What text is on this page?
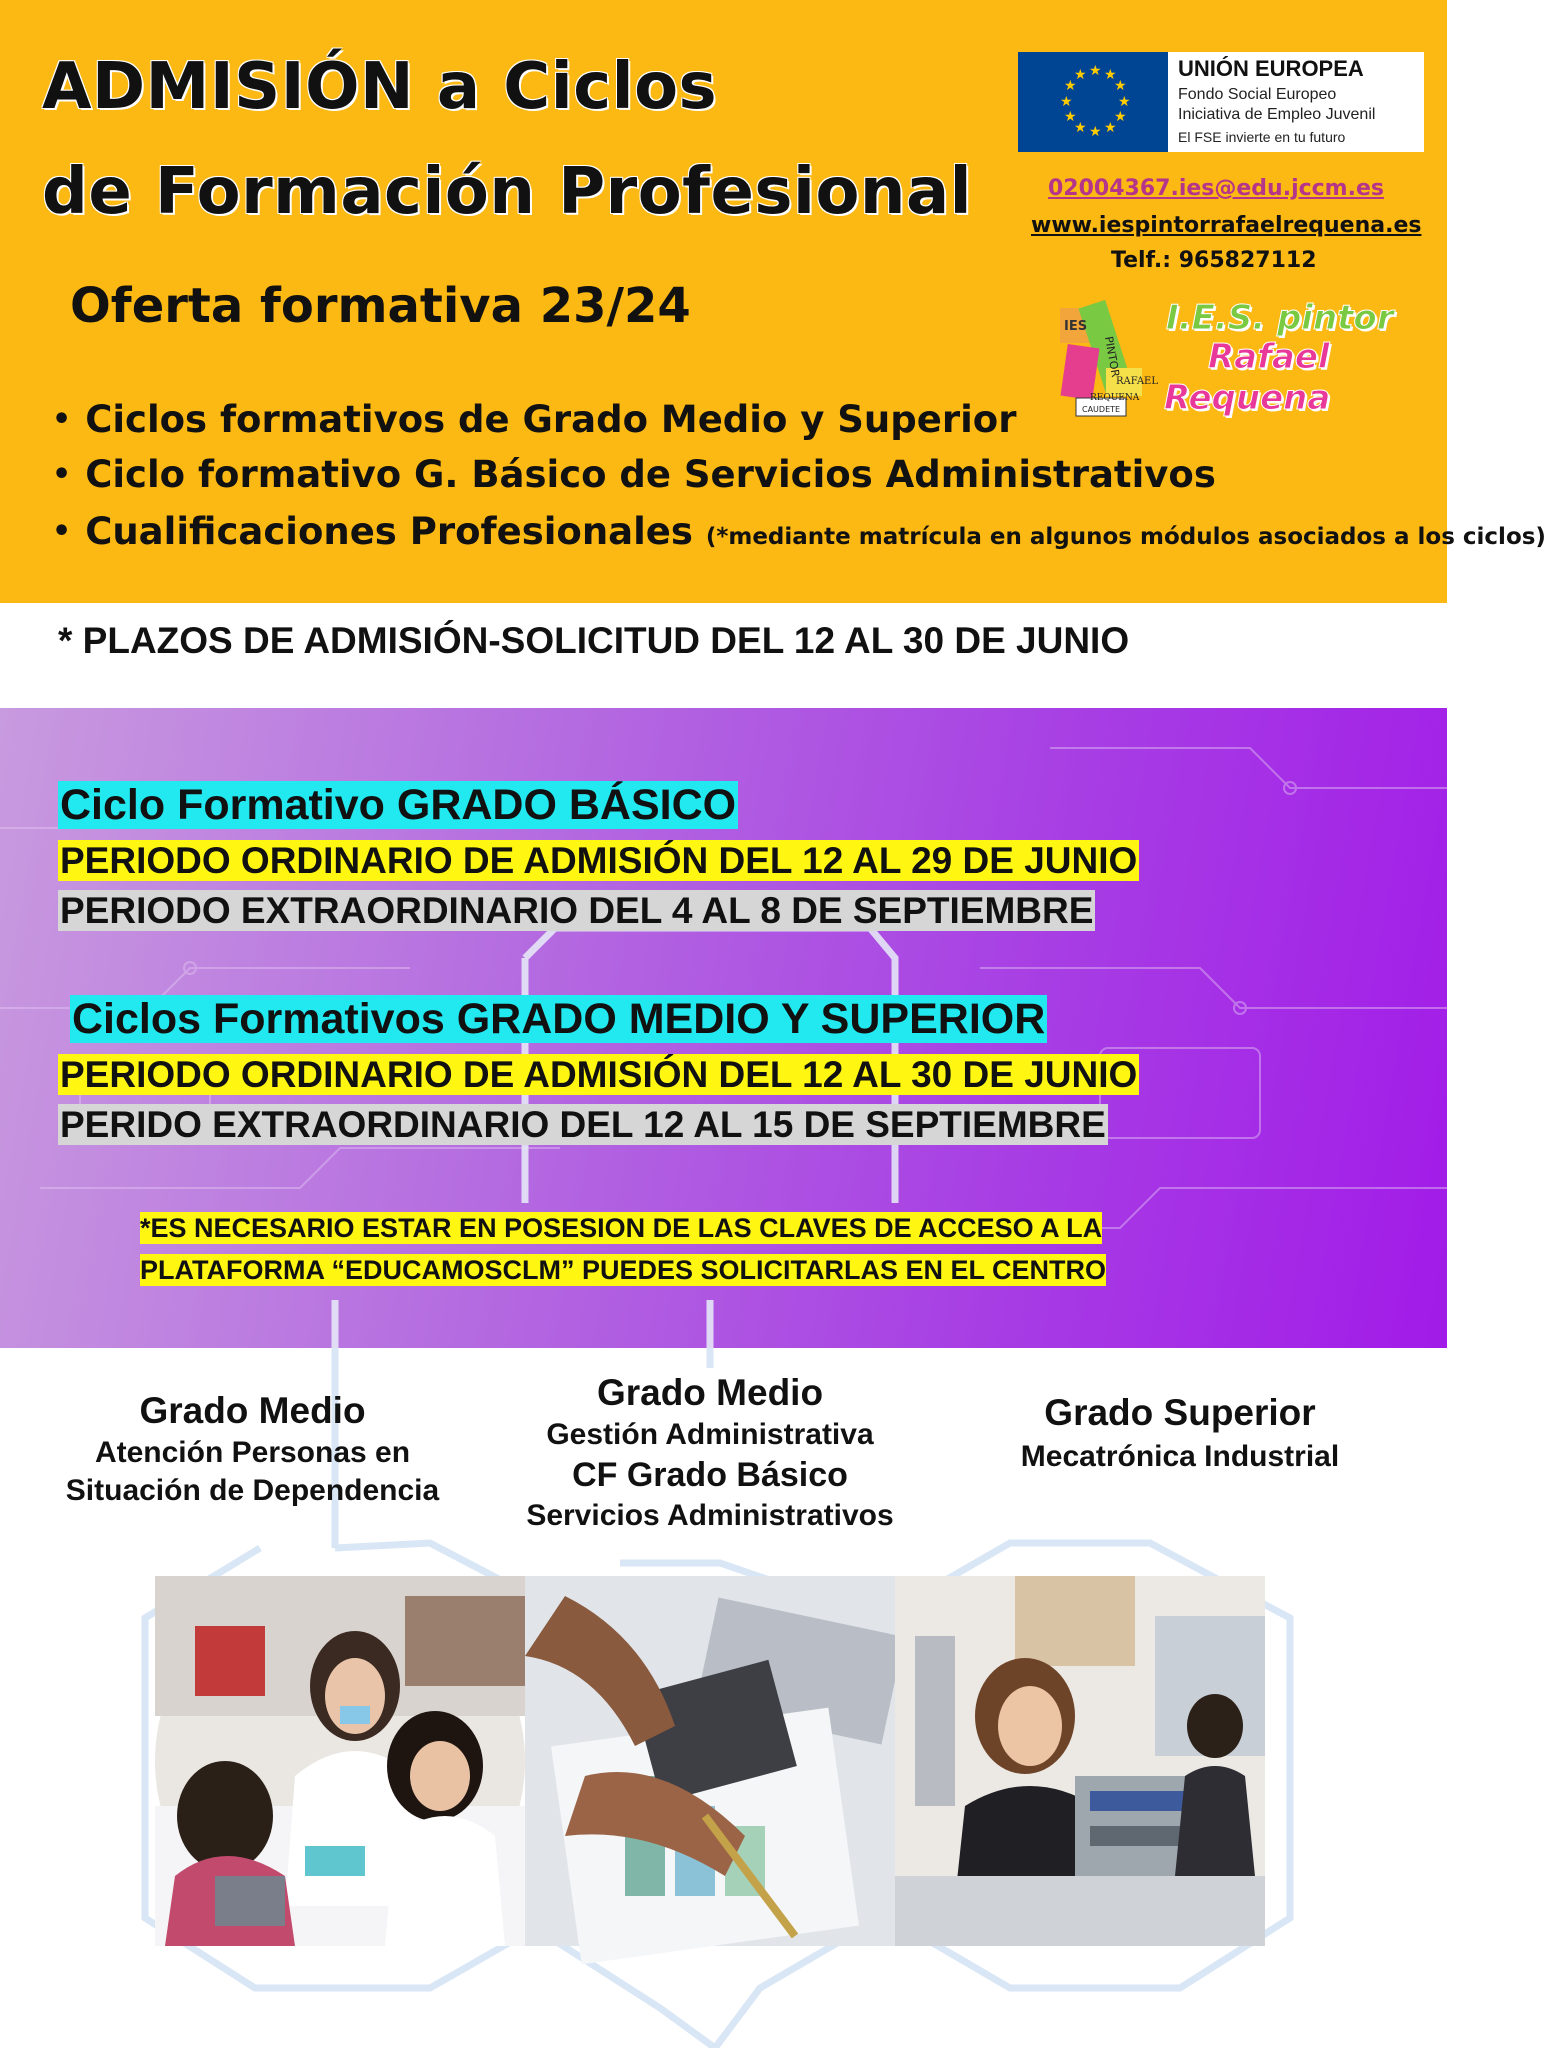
ADMISIÓN a Ciclos
de Formación Profesional
Oferta formativa 23/24
• Ciclos formativos de Grado Medio y Superior
• Ciclo formativo G. Básico de Servicios Administrativos
• Cualificaciones Profesionales (*mediante matrícula en algunos módulos asociados a los ciclos)
★ ★
★
★
★
★
★
★
★
★
★
★	UNIÓN EUROPEA
Fondo Social Europeo
Iniciativa de Empleo Juvenil
El FSE invierte en tu futuro
02004367.ies@edu.jccm.es
www.iespintorrafaelrequena.es
Telf.: 965827112
IES
PINTOR
RAFAEL
REQUENA
CAUDETE
I.E.S. pintor
Rafael
Requena
* PLAZOS DE ADMISIÓN-SOLICITUD DEL 12 AL 30 DE JUNIO
Ciclo Formativo GRADO BÁSICO
PERIODO ORDINARIO DE ADMISIÓN DEL 12 AL 29 DE JUNIO
PERIODO EXTRAORDINARIO DEL 4 AL 8 DE SEPTIEMBRE
Ciclos Formativos GRADO MEDIO Y SUPERIOR
PERIODO ORDINARIO DE ADMISIÓN DEL 12 AL 30 DE JUNIO
PERIDO EXTRAORDINARIO DEL 12 AL 15 DE SEPTIEMBRE
*ES NECESARIO ESTAR EN POSESION DE LAS CLAVES DE ACCESO A LA
PLATAFORMA “EDUCAMOSCLM” PUEDES SOLICITARLAS EN EL CENTRO
Grado Medio
Atención Personas en
Situación de Dependencia
Grado Medio
Gestión Administrativa
CF Grado Básico
Servicios Administrativos
Grado Superior
Mecatrónica Industrial
